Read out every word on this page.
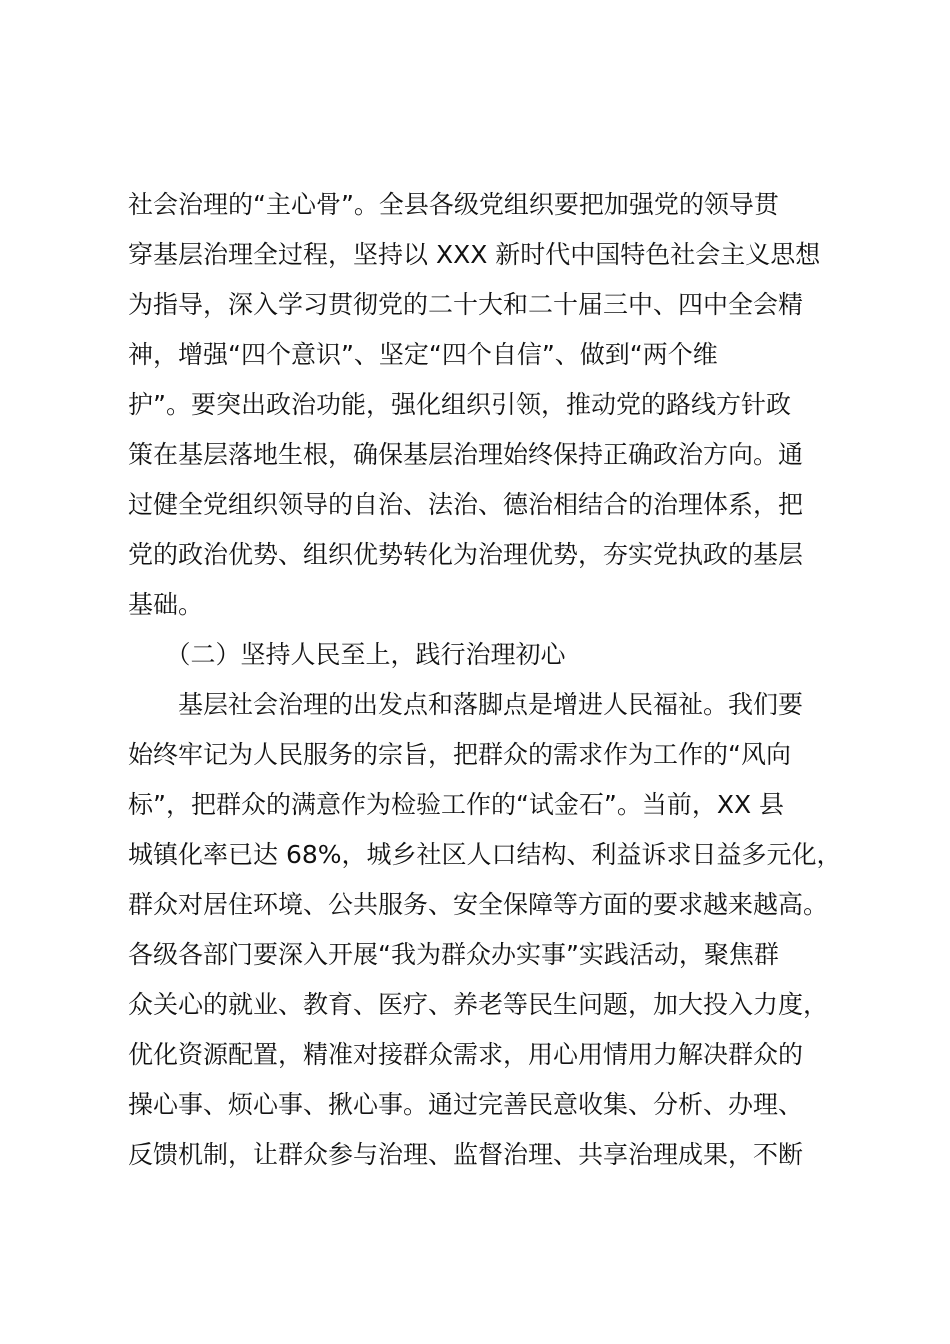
社会治理的“主心骨”。全县各级党组织要把加强党的领导贯
穿基层治理全过程，坚持以 XXX 新时代中国特色社会主义思想
为指导，深入学习贯彻党的二十大和二十届三中、四中全会精
神，增强“四个意识”、坚定“四个自信”、做到“两个维
护”。要突出政治功能，强化组织引领，推动党的路线方针政
策在基层落地生根，确保基层治理始终保持正确政治方向。通
过健全党组织领导的自治、法治、德治相结合的治理体系，把
党的政治优势、组织优势转化为治理优势，夯实党执政的基层
基础。
　　（二）坚持人民至上，践行治理初心
　　基层社会治理的出发点和落脚点是增进人民福祉。我们要
始终牢记为人民服务的宗旨，把群众的需求作为工作的“风向
标”，把群众的满意作为检验工作的“试金石”。当前，XX 县
城镇化率已达 68%，城乡社区人口结构、利益诉求日益多元化，
群众对居住环境、公共服务、安全保障等方面的要求越来越高。
各级各部门要深入开展“我为群众办实事”实践活动，聚焦群
众关心的就业、教育、医疗、养老等民生问题，加大投入力度，
优化资源配置，精准对接群众需求，用心用情用力解决群众的
操心事、烦心事、揪心事。通过完善民意收集、分析、办理、
反馈机制，让群众参与治理、监督治理、共享治理成果，不断
